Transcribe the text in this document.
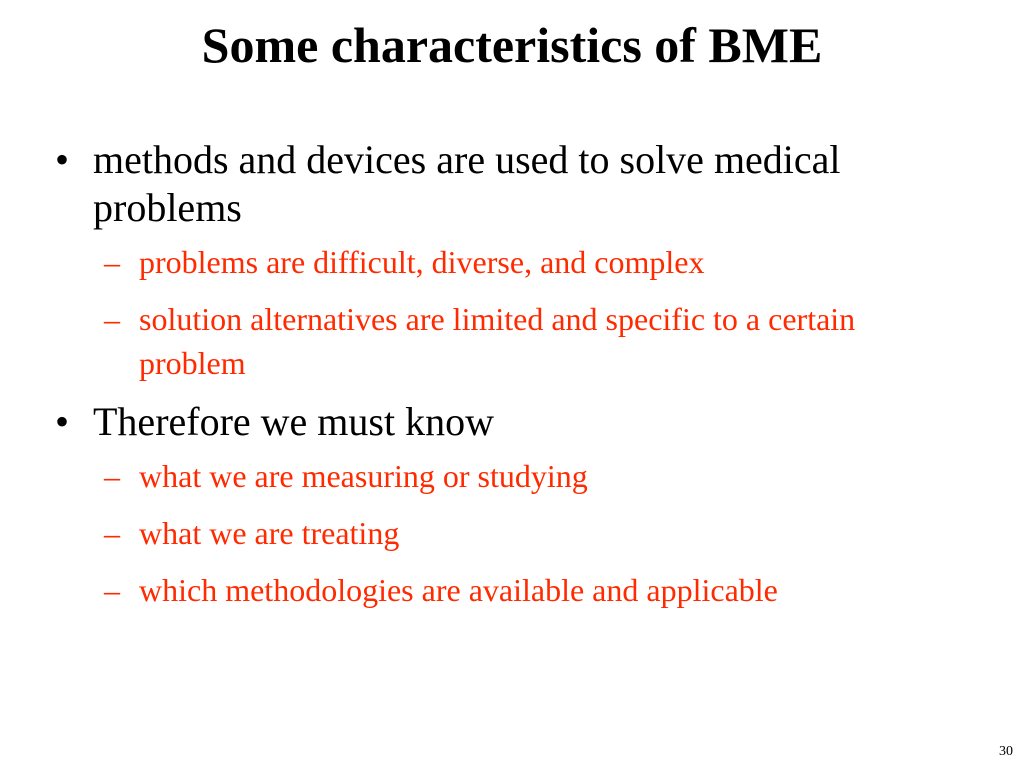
Some characteristics of BME
• methods and devices are used to solve medical problems
– problems are difficult, diverse, and complex
– solution alternatives are limited and specific to a certain problem
• Therefore we must know
– what we are measuring or studying
– what we are treating
– which methodologies are available and applicable
30
